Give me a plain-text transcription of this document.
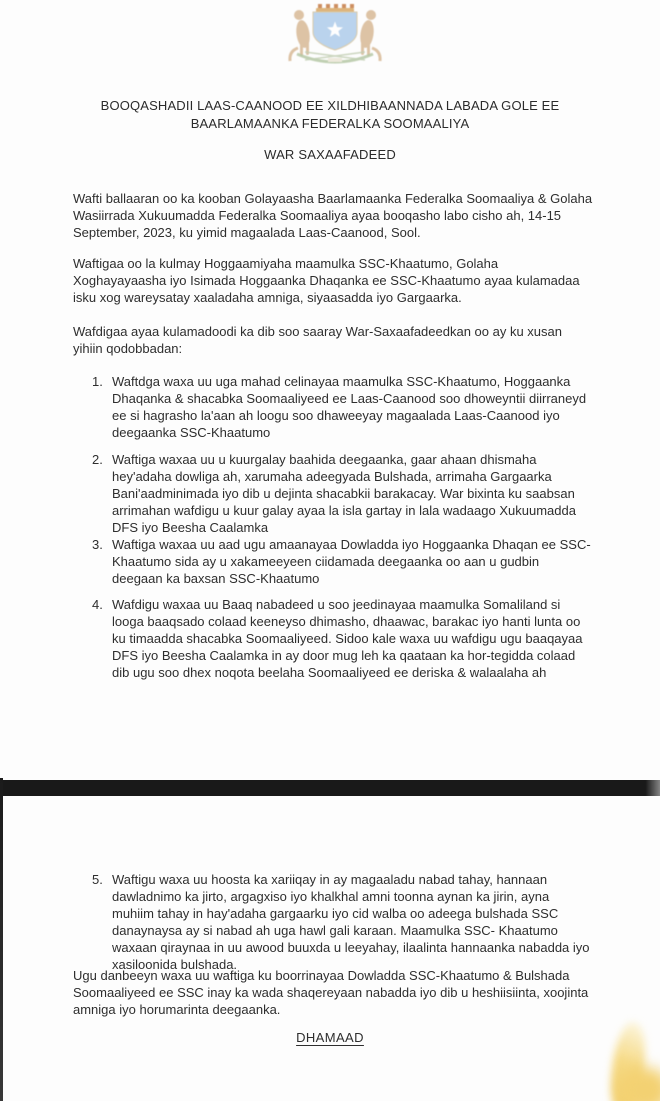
BOOQASHADII LAAS-CAANOOD EE XILDHIBAANNADA LABADA GOLE EE
BAARLAMAANKA FEDERALKA SOOMAALIYA
WAR SAXAAFADEED
Wafti ballaaran oo ka kooban Golayaasha Baarlamaanka Federalka Soomaaliya & Golaha Wasiirrada Xukuumadda Federalka Soomaaliya ayaa booqasho labo cisho ah, 14-15 September, 2023, ku yimid magaalada Laas-Caanood, Sool.
Waftigaa oo la kulmay Hoggaamiyaha maamulka SSC-Khaatumo, Golaha Xoghayayaasha iyo Isimada Hoggaanka Dhaqanka ee SSC-Khaatumo ayaa kulamadaa isku xog wareysatay xaaladaha amniga, siyaasadda iyo Gargaarka.
Wafdigaa ayaa kulamadoodi ka dib soo saaray War-Saxaafadeedkan oo ay ku xusan yihiin qodobbadan:
1. Waftdga waxa uu uga mahad celinayaa maamulka SSC-Khaatumo, Hoggaanka Dhaqanka & shacabka Soomaaliyeed ee Laas-Caanood soo dhoweyntii diirraneyd ee si hagrasho la'aan ah loogu soo dhaweeyay magaalada Laas-Caanood iyo deegaanka SSC-Khaatumo
2. Waftiga waxaa uu u kuurgalay baahida deegaanka, gaar ahaan dhismaha hey'adaha dowliga ah, xarumaha adeegyada Bulshada, arrimaha Gargaarka Bani'aadminimada iyo dib u dejinta shacabkii barakacay. War bixinta ku saabsan arrimahan wafdigu u kuur galay ayaa la isla gartay in lala wadaago Xukuumadda DFS iyo Beesha Caalamka
3. Waftiga waxaa uu aad ugu amaanayaa Dowladda iyo Hoggaanka Dhaqan ee SSC-Khaatumo sida ay u xakameeyeen ciidamada deegaanka oo aan u gudbin deegaan ka baxsan SSC-Khaatumo
4. Wafdigu waxaa uu Baaq nabadeed u soo jeedinayaa maamulka Somaliland si looga baaqsado colaad keeneyso dhimasho, dhaawac, barakac iyo hanti lunta oo ku timaadda shacabka Soomaaliyeed. Sidoo kale waxa uu wafdigu ugu baaqayaa DFS iyo Beesha Caalamka in ay door mug leh ka qaataan ka hor-tegidda colaad dib ugu soo dhex noqota beelaha Soomaaliyeed ee deriska & walaalaha ah
5. Waftigu waxa uu hoosta ka xariiqay in ay magaaladu nabad tahay, hannaan dawladnimo ka jirto, argagxiso iyo khalkhal amni toonna aynan ka jirin, ayna muhiim tahay in hay'adaha gargaarku iyo cid walba oo adeega bulshada SSC danaynaysa ay si nabad ah uga hawl gali karaan. Maamulka SSC- Khaatumo waxaan qiraynaa in uu awood buuxda u leeyahay, ilaalinta hannaanka nabadda iyo xasiloonida bulshada.
Ugu danbeeyn waxa uu waftiga ku boorrinayaa Dowladda SSC-Khaatumo & Bulshada Soomaaliyeed ee SSC inay ka wada shaqereyaan nabadda iyo dib u heshiisiinta, xoojinta amniga iyo horumarinta deegaanka.
DHAMAAD
